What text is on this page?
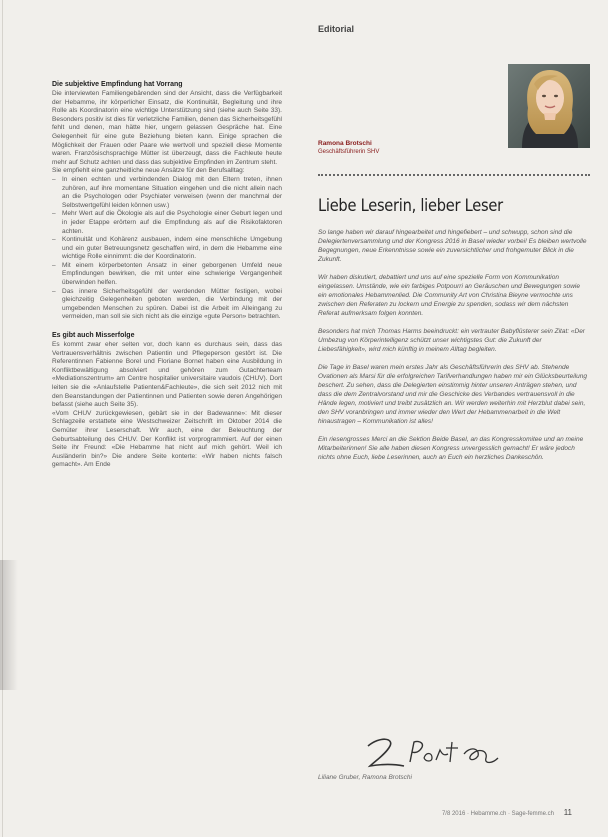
Editorial
Die subjektive Empfindung hat Vorrang

Die interviewten Familiengebärenden sind der Ansicht, dass die Verfügbarkeit der Hebamme, ihr körperlicher Einsatz, die Kontinuität, Begleitung und ihre Rolle als Koordinatorin eine wichtige Unterstützung sind (siehe auch Seite 33). Besonders positiv ist dies für verletzliche Familien, denen das Sicherheitsgefühl fehlt und denen, man hätte hier, ungern gelassen Gespräche hat. Eine Gelegenheit für eine gute Beziehung bieten kann. Einige sprachen die Möglichkeit der Frauen oder Paare wie wertvoll und speziell diese Momente waren. Französischsprachige Mütter ist überzeugt, dass die Fachleute heute mehr auf Schutz achten und dass das subjektive Empfinden im Zentrum steht.

Sie empfiehlt eine ganzheitliche neue Ansätze für den Berufsalltag:

– In einen echten und verbindenden Dialog mit den Eltern treten, ihnen zuhören, auf ihre momentane Situation eingehen und die nicht allein nach an die Psychologen oder Psychiater verweisen (wenn der manchmal der Selbstwertgefühl leiden können usw.)
– Mehr Wert auf die Ökologie als auf die Psychologie einer Geburt legen und in jeder Etappe erörtern auf die Empfindung als auf die Risikofaktoren achten.
– Kontinuität und Kohärenz ausbauen, indem eine menschliche Umgebung und ein guter Betreuungsnetz geschaffen wird, in dem die Hebamme eine wichtige Rolle einnimmt: die der Koordinatorin.
– Mit einem körperbetonten Ansatz in einer geborgenen Umfeld neue Empfindungen bewirken, die mit unter eine schwierige Vergangenheit überwinden helfen.
– Das innere Sicherheitsgefühl der werdenden Mütter festigen, wobei gleichzeitig Gelegenheiten geboten werden, die Verbindung mit der umgebenden Menschen zu spüren. Dabei ist die Arbeit im Alleingang zu vermeiden, man soll sie sich nicht als die einzige «gute Person» betrachten.
Es gibt auch Misserfolge

Es kommt zwar eher selten vor, doch kann es durchaus sein, dass das Vertrauensverhältnis zwischen Patientin und Pflegeperson gestört ist. Die Referentinnen Fabienne Borel und Floriane Bornet haben eine Ausbildung in Konfliktbewältigung absolviert und gehören zum Gutachterteam «Mediationszentrum» am Centre hospitalier universitaire vaudois (CHUV). Dort leiten sie die «Anlaufstelle Patienten&Fachleute», die sich seit 2012 nich mit den Beanstandungen der Patientinnen und Patienten sowie deren Angehörigen befasst (siehe auch Seite 35).

«Vom CHUV zurückgewiesen, gebärt sie in der Badewanne»: Mit dieser Schlagzeile erstattete eine Westschweizer Zeitschrift im Oktober 2014 die Gemüter ihrer Leserschaft. Wir auch, eine der Beleuchtung der Geburtsabteilung des CHUV. Der Konflikt ist vorprogrammiert. Auf der einen Seite ihr Freund: «Die Hebamme hat nicht auf mich gehört. Weil ich Ausländerin bin?» Die andere Seite konterte: «Wir haben nichts falsch gemacht». Am Ende

Ramona Brotschi
Geschäftsführerin SHV
Liebe Leserin, lieber Leser

So lange haben wir darauf hingearbeitet und hingefiebert – und schwupp, schon sind die Delegiertenversammlung und der Kongress 2016 in Basel wieder vorbei! Es bleiben wertvolle Begegnungen, neue Erkenntnisse sowie ein zuversichtlicher und frohgemuter Blick in die Zukunft.

Wir haben diskutiert, debattiert und uns auf eine spezielle Form von Kommunikation eingelassen. Umstände, wie ein farbiges Potpourri an Geräuschen und Bewegungen sowie ein emotionales Hebammenlied. Die Community Art von Christina Bieyne vermochte uns zwischen den Referaten zu lockern und Energie zu spenden, sodass wir dem nächsten Referat aufmerksam folgen konnten.

Besonders hat mich Thomas Harms beeindruckt: ein vertrauter Babyflüsterer sein Zitat: «Der Umbezug von Körperintelligenz schützt unser wichtigstes Gut: die Zukunft der Liebesfähigkeit», wird mich künftig in meinem Alltag begleiten.

Die Tage in Basel waren mein erstes Jahr als Geschäftsführerin des SHV ab. Stehende Ovationen als Marsi für die erfolgreichen Tarifverhandlungen haben mir ein Glücksbeurteilung beschert. Zu sehen, dass die Delegierten einstimmig hinter unseren Anträgen stehen, und dass die dem Zentralvorstand und mir die Geschicke des Verbandes vertrauensvoll in die Hände legen, motiviert und treibt zusätzlich an. Wir werden weiterhin mit Herzblut dabei sein, den SHV voranbringen und immer wieder den Wert der Hebammenarbeit in die Welt hinaustragen – Kommunikation ist alles!

Ein riesengrosses Merci an die Sektion Beide Basel, an das Kongresskomitee und an meine Mitarbeiterinnen! Sie alle haben diesen Kongress unvergesslich gemacht! Er wäre jedoch nichts ohne Euch, liebe Leserinnen, auch an Euch ein herzliches Dankeschön.

Liliane Gruber, Ramona Brotschi
7/8 2016 · Hebamme.ch · Sage-femme.ch 11
